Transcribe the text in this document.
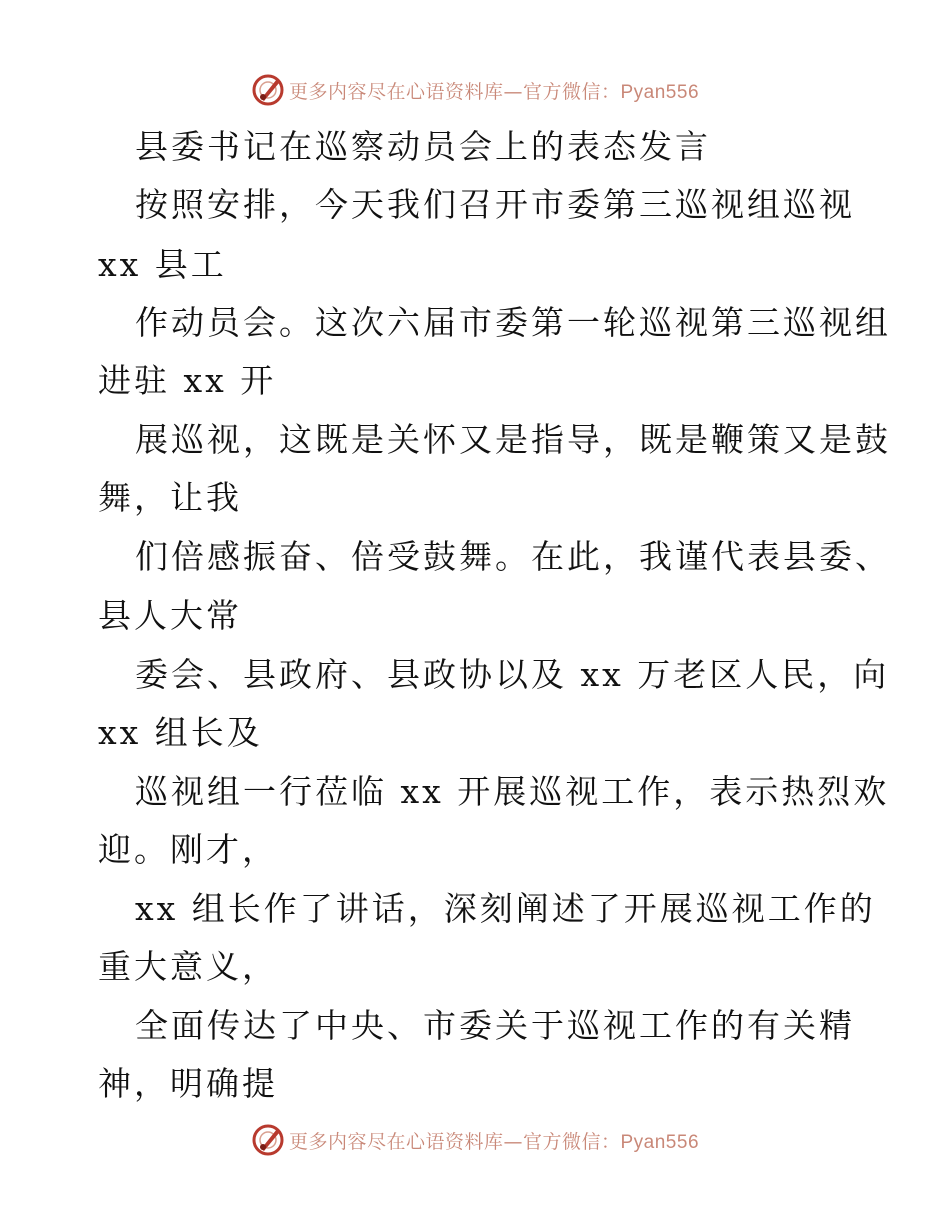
更多内容尽在心语资料库—官方微信：Pyan556
县委书记在巡察动员会上的表态发言
按照安排，今天我们召开市委第三巡视组巡视
xx 县工
作动员会。这次六届市委第一轮巡视第三巡视组
进驻 xx 开
展巡视，这既是关怀又是指导，既是鞭策又是鼓
舞，让我
们倍感振奋、倍受鼓舞。在此，我谨代表县委、
县人大常
委会、县政府、县政协以及 xx 万老区人民，向
xx 组长及
巡视组一行莅临 xx 开展巡视工作，表示热烈欢
迎。刚才，
xx 组长作了讲话，深刻阐述了开展巡视工作的
重大意义，
全面传达了中央、市委关于巡视工作的有关精
神，明确提
更多内容尽在心语资料库—官方微信：Pyan556
